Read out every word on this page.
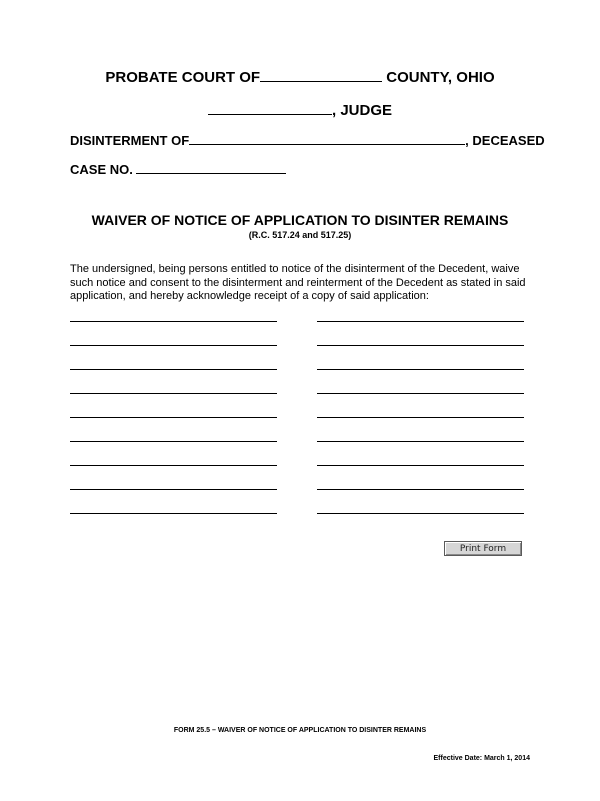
PROBATE COURT OF	COUNTY, OHIO
, JUDGE
DISINTERMENT OF	, DECEASED
CASE NO.
WAIVER OF NOTICE OF APPLICATION TO DISINTER REMAINS
(R.C. 517.24 and 517.25)
The undersigned, being persons entitled to notice of the disinterment of the Decedent, waive such notice and consent to the disinterment and reinterment of the Decedent as stated in said application, and hereby acknowledge receipt of a copy of said application:
Print Form
FORM 25.5 – WAIVER OF NOTICE OF APPLICATION TO DISINTER REMAINS
Effective Date: March 1, 2014
